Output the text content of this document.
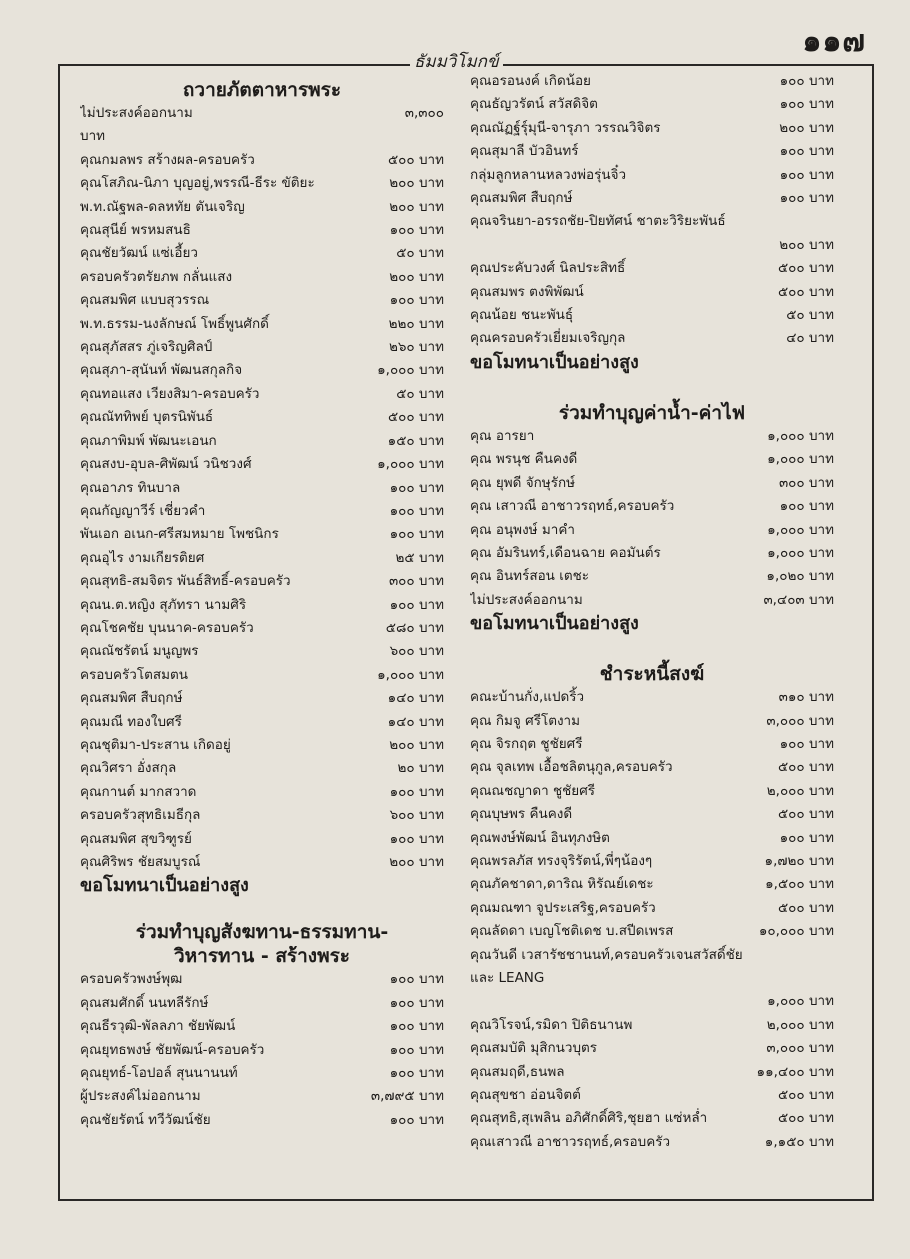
๑๑๗
ธัมมวิโมกข์
ถวายภัตตาหารพระ
ไม่ประสงค์ออกนาม	๓,๓๐๐
บาท
คุณกมลพร สร้างผล-ครอบครัว	๕๐๐ บาท
คุณโสภิณ-นิภา บุญอยู่,พรรณี-ธีระ ขัติยะ	๒๐๐ บาท
พ.ท.ณัฐพล-ดลหทัย ตันเจริญ	๒๐๐ บาท
คุณสุนีย์ พรหมสนธิ	๑๐๐ บาท
คุณชัยวัฒน์ แซ่เอี้ยว	๕๐ บาท
ครอบครัวตรัยภพ กลั่นแสง	๒๐๐ บาท
คุณสมพิศ แบบสุวรรณ	๑๐๐ บาท
พ.ท.ธรรม-นงลักษณ์ โพธิ์พูนศักดิ์	๒๒๐ บาท
คุณสุภัสสร ภู่เจริญศิลป์	๒๖๐ บาท
คุณสุภา-สุนันท์ พัฒนสกุลกิจ	๑,๐๐๐ บาท
คุณทอแสง เวียงสิมา-ครอบครัว	๕๐ บาท
คุณณัททิพย์ บุตรนิพันธ์	๕๐๐ บาท
คุณภาพิมพ์ พัฒนะเอนก	๑๕๐ บาท
คุณสงบ-อุบล-ศิพัฒน์ วนิชวงศ์	๑,๐๐๐ บาท
คุณอาภร ทินบาล	๑๐๐ บาท
คุณกัญญาวีร์ เชี่ยวคำ	๑๐๐ บาท
พันเอก อเนก-ศรีสมหมาย โพชนิกร	๑๐๐ บาท
คุณอุไร งามเกียรติยศ	๒๕ บาท
คุณสุทธิ-สมจิตร พันธ์สิทธิ์-ครอบครัว	๓๐๐ บาท
คุณน.ต.หญิง สุภัทรา นามศิริ	๑๐๐ บาท
คุณโชคชัย บุนนาค-ครอบครัว	๕๘๐ บาท
คุณณัชรัตน์ มนูญพร	๖๐๐ บาท
ครอบครัวโตสมตน	๑,๐๐๐ บาท
คุณสมพิศ สืบฤกษ์	๑๔๐ บาท
คุณมณี ทองใบศรี	๑๔๐ บาท
คุณชุติมา-ประสาน เกิดอยู่	๒๐๐ บาท
คุณวิศรา อั่งสกุล	๒๐ บาท
คุณกานต์ มากสวาด	๑๐๐ บาท
ครอบครัวสุทธิเมธีกุล	๖๐๐ บาท
คุณสมพิศ สุขวิฑูรย์	๑๐๐ บาท
คุณศิริพร ชัยสมบูรณ์	๒๐๐ บาท
ขอโมทนาเป็นอย่างสูง
ร่วมทำบุญสังฆทาน-ธรรมทาน-
วิหารทาน - สร้างพระ
ครอบครัวพงษ์พุฒ	๑๐๐ บาท
คุณสมศักดิ์ นนทลีรักษ์	๑๐๐ บาท
คุณธีรวุฒิ-พัลลภา ชัยพัฒน์	๑๐๐ บาท
คุณยุทธพงษ์ ชัยพัฒน์-ครอบครัว	๑๐๐ บาท
คุณยุทธ์-โอปอล์ สุนนานนท์	๑๐๐ บาท
ผู้ประสงค์ไม่ออกนาม	๓,๗๙๕ บาท
คุณชัยรัตน์ ทวีวัฒน์ชัย	๑๐๐ บาท
คุณอรอนงค์ เกิดน้อย	๑๐๐ บาท
คุณธัญวรัตน์ สวัสดิจิต	๑๐๐ บาท
คุณณัฏฐ์รุ์มุนี-จารุภา วรรณวิจิตร	๒๐๐ บาท
คุณสุมาลี บัวอินทร์	๑๐๐ บาท
กลุ่มลูกหลานหลวงพ่อรุ่นจิ๋ว	๑๐๐ บาท
คุณสมพิศ สืบฤกษ์	๑๐๐ บาท
คุณจรินยา-อรรถชัย-ปิยทัศน์ ชาตะวิริยะพันธ์
๒๐๐ บาท
คุณประคับวงศ์ นิลประสิทธิ์	๕๐๐ บาท
คุณสมพร ตงพิพัฒน์	๕๐๐ บาท
คุณน้อย ชนะพันธุ์	๕๐ บาท
คุณครอบครัวเยี่ยมเจริญกุล	๔๐ บาท
ขอโมทนาเป็นอย่างสูง
ร่วมทำบุญค่าน้ำ-ค่าไฟ
คุณ อารยา	๑,๐๐๐ บาท
คุณ พรนุช คืนคงดี	๑,๐๐๐ บาท
คุณ ยุพดี จักษุรักษ์	๓๐๐ บาท
คุณ เสาวณี อาชาวรฤทธ์,ครอบครัว	๑๐๐ บาท
คุณ อนุพงษ์ มาคำ	๑,๐๐๐ บาท
คุณ อัมรินทร์,เดือนฉาย คอมันต์ร	๑,๐๐๐ บาท
คุณ อินทร์สอน เตชะ	๑,๐๒๐ บาท
ไม่ประสงค์ออกนาม	๓,๔๐๓ บาท
ขอโมทนาเป็นอย่างสูง
ชำระหนี้สงฆ์
คณะบ้านกั่ง,แปดริ้ว	๓๑๐ บาท
คุณ กิมจู ศรีโตงาม	๓,๐๐๐ บาท
คุณ จิรกฤต ชูชัยศรี	๑๐๐ บาท
คุณ จุลเทพ เอื้อชลิตนุกูล,ครอบครัว	๕๐๐ บาท
คุณณชญาดา ชูชัยศรี	๒,๐๐๐ บาท
คุณบุษพร คืนคงดี	๕๐๐ บาท
คุณพงษ์พัฒน์ อินทุภงษิต	๑๐๐ บาท
คุณพรลภัส ทรงจุริรัตน์,พี่ๆน้องๆ	๑,๗๒๐ บาท
คุณภัคชาดา,ดาริณ หิรัณย์เดชะ	๑,๕๐๐ บาท
คุณมณฑา จูประเสริฐ,ครอบครัว	๕๐๐ บาท
คุณลัดดา เบญโชติเดช บ.สปีดเพรส	๑๐,๐๐๐ บาท
คุณวันดี เวสารัชชานนท์,ครอบครัวเจนสวัสดิ์ชัย
และ LEANG
๑,๐๐๐ บาท
คุณวิโรจน์,รมิดา ปิติธนานพ	๒,๐๐๐ บาท
คุณสมบัติ มุสิกนวบุตร	๓,๐๐๐ บาท
คุณสมฤดี,ธนพล	๑๑,๔๐๐ บาท
คุณสุขชา อ่อนจิตต์	๕๐๐ บาท
คุณสุทธิ,สุเพลิน อภิศักดิ์ศิริ,ชุยฮา แซ่หล่ำ	๕๐๐ บาท
คุณเสาวณี อาชาวรฤทธ์,ครอบครัว	๑,๑๕๐ บาท
